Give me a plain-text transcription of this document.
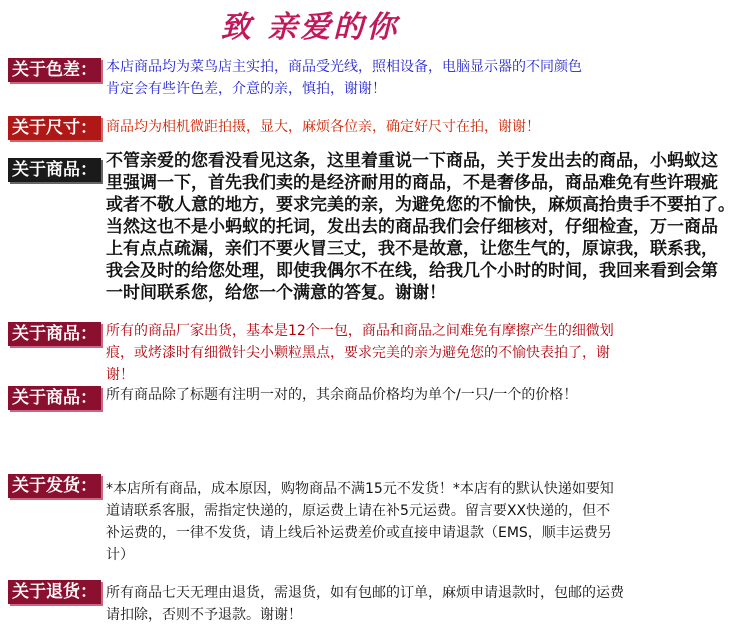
致 亲爱的你
关于色差： 本店商品均为菜鸟店主实拍，商品受光线，照相设备，电脑显示器的不同颜色
肯定会有些许色差，介意的亲，慎拍，谢谢！
关于尺寸： 商品均为相机微距拍摄，显大，麻烦各位亲，确定好尺寸在拍，谢谢！
关于商品： 不管亲爱的您看没看见这条，这里着重说一下商品，关于发出去的商品，小蚂蚁这
里强调一下，首先我们卖的是经济耐用的商品，不是奢侈品，商品难免有些许瑕疵
或者不敬人意的地方，要求完美的亲，为避免您的不愉快，麻烦高抬贵手不要拍了。
当然这也不是小蚂蚁的托词，发出去的商品我们会仔细核对，仔细检查，万一商品
上有点点疏漏，亲们不要火冒三丈，我不是故意，让您生气的，原谅我，联系我，
我会及时的给您处理，即使我偶尔不在线，给我几个小时的时间，我回来看到会第
一时间联系您，给您一个满意的答复。谢谢！
关于商品： 所有的商品厂家出货，基本是12个一包，商品和商品之间难免有摩擦产生的细微划
痕，或烤漆时有细微针尖小颗粒黑点，要求完美的亲为避免您的不愉快表拍了，谢
谢！
关于商品： 所有商品除了标题有注明一对的，其余商品价格均为单个/一只/一个的价格！
关于发货： *本店所有商品，成本原因，购物商品不满15元不发货！*本店有的默认快递如要知
道请联系客服，需指定快递的，原运费上请在补5元运费。留言要XX快递的，但不
补运费的，一律不发货，请上线后补运费差价或直接申请退款（EMS，顺丰运费另
计）
关于退货： 所有商品七天无理由退货，需退货，如有包邮的订单，麻烦申请退款时，包邮的运费
请扣除，否则不予退款。谢谢！
